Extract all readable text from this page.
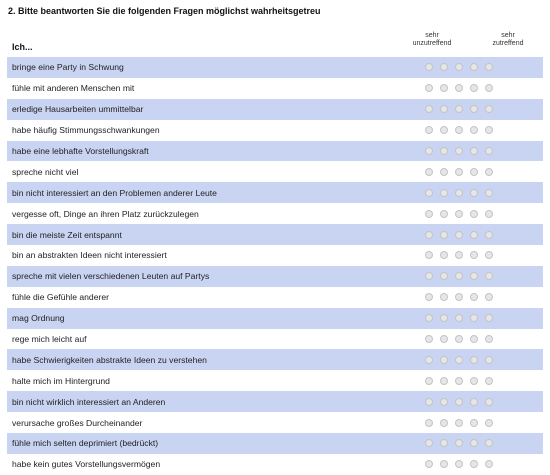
2. Bitte beantworten Sie die folgenden Fragen möglichst wahrheitsgetreu
Ich...
sehr
unzutreffend
sehr
zutreffend
bringe eine Party in Schwung
fühle mit anderen Menschen mit
erledige Hausarbeiten ummittelbar
habe häufig Stimmungsschwankungen
habe eine lebhafte Vorstellungskraft
spreche nicht viel
bin nicht interessiert an den Problemen anderer Leute
vergesse oft, Dinge an ihren Platz zurückzulegen
bin die meiste Zeit entspannt
bin an abstrakten Ideen nicht interessiert
spreche mit vielen verschiedenen Leuten auf Partys
fühle die Gefühle anderer
mag Ordnung
rege mich leicht auf
habe Schwierigkeiten abstrakte Ideen zu verstehen
halte mich im Hintergrund
bin nicht wirklich interessiert an Anderen
verursache großes Durcheinander
fühle mich selten deprimiert (bedrückt)
habe kein gutes Vorstellungsvermögen
